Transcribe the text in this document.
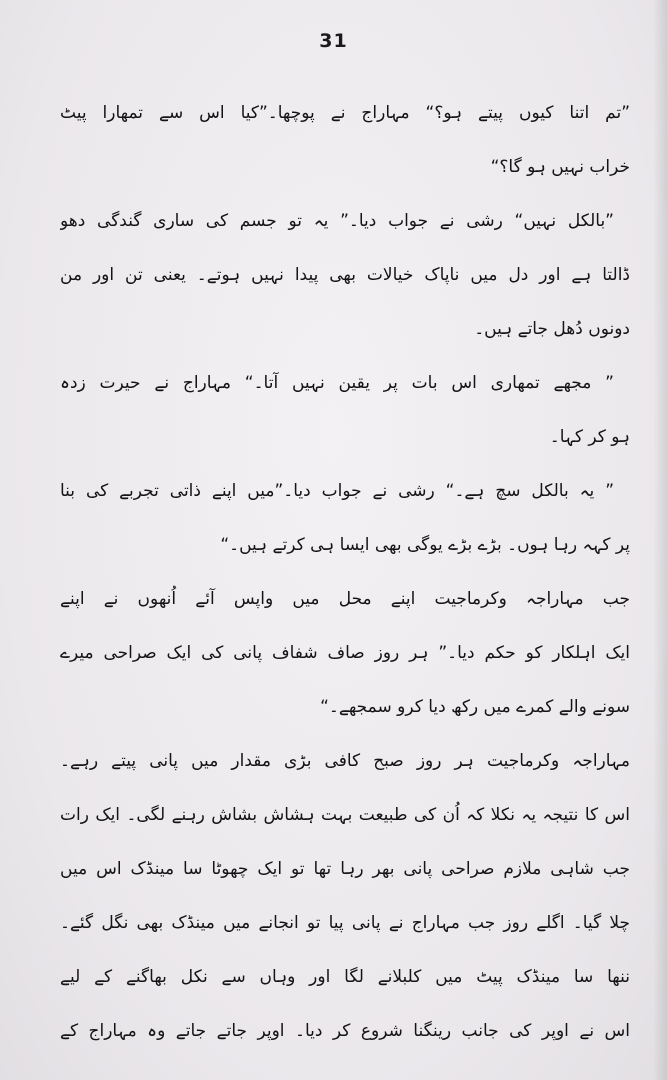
31
”تم اتنا کیوں پیتے ہو؟“ مہاراج نے پوچھا۔”کیا اس سے تمھارا پیٹ
خراب نہیں ہو گا؟“
”بالکل نہیں“ رشی نے جواب دیا۔” یہ تو جسم کی ساری گندگی دھو
ڈالتا ہے اور دل میں ناپاک خیالات بھی پیدا نہیں ہوتے۔ یعنی تن اور من
دونوں دُھل جاتے ہیں۔
” مجھے تمھاری اس بات پر یقین نہیں آتا۔“ مہاراج نے حیرت زدہ
ہو کر کہا۔
” یہ بالکل سچ ہے۔“ رشی نے جواب دیا۔”میں اپنے ذاتی تجربے کی بنا
پر کہہ رہا ہوں۔ بڑے بڑے یوگی بھی ایسا ہی کرتے ہیں۔“
جب مہاراجہ وکرماجیت اپنے محل میں واپس آئے اُنھوں نے اپنے
ایک اہلکار کو حکم دیا۔” ہر روز صاف شفاف پانی کی ایک صراحی میرے
سونے والے کمرے میں رکھ دیا کرو سمجھے۔“
مہاراجہ وکرماجیت ہر روز صبح کافی بڑی مقدار میں پانی پیتے رہے۔
اس کا نتیجہ یہ نکلا کہ اُن کی طبیعت بہت ہشاش بشاش رہنے لگی۔ ایک رات
جب شاہی ملازم صراحی پانی بھر رہا تھا تو ایک چھوٹا سا مینڈک اس میں
چلا گیا۔ اگلے روز جب مہاراج نے پانی پیا تو انجانے میں مینڈک بھی نگل گئے۔
ننھا سا مینڈک پیٹ میں کلبلانے لگا اور وہاں سے نکل بھاگنے کے لیے
اس نے اوپر کی جانب رینگنا شروع کر دیا۔ اوپر جاتے جاتے وہ مہاراج کے
